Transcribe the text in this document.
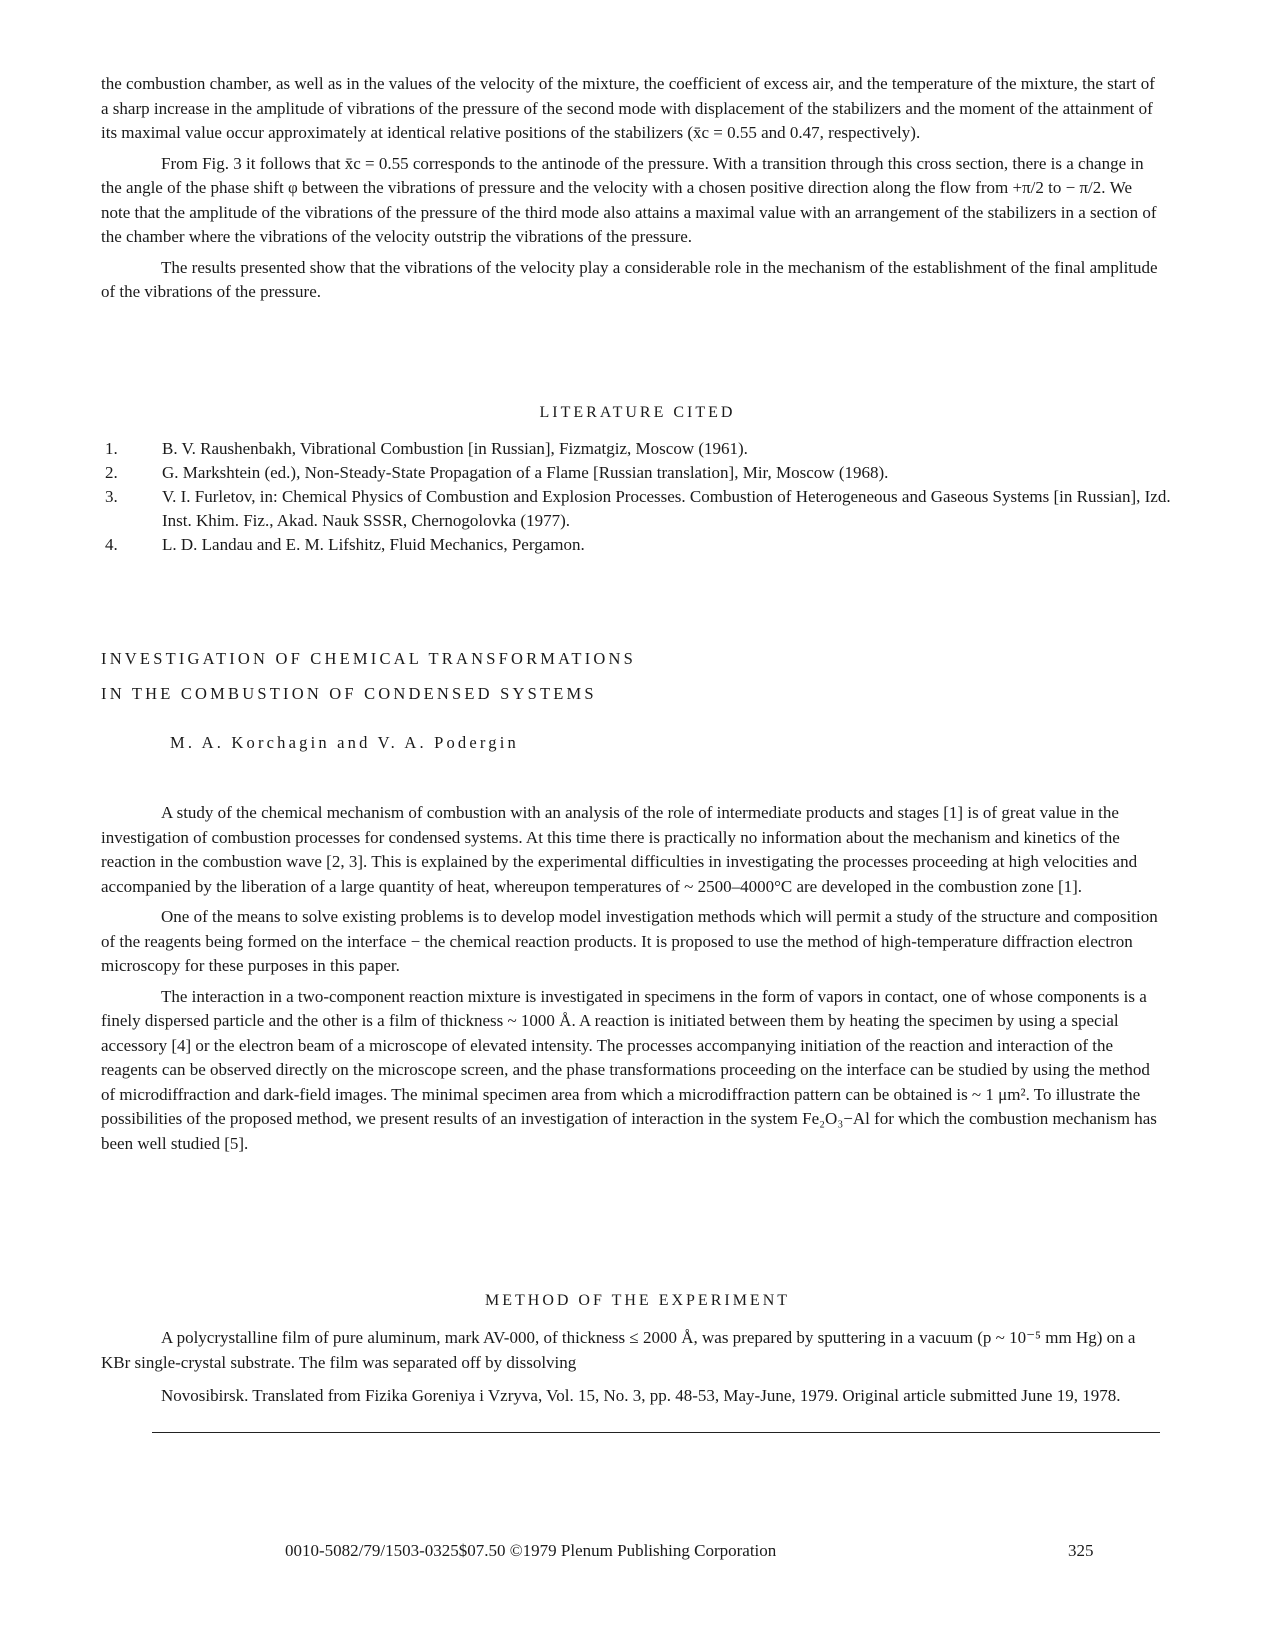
the combustion chamber, as well as in the values of the velocity of the mixture, the coefficient of excess air, and the temperature of the mixture, the start of a sharp increase in the amplitude of vibrations of the pressure of the second mode with displacement of the stabilizers and the moment of the attainment of its maximal value occur approximately at identical relative positions of the stabilizers (x̄c = 0.55 and 0.47, respectively).

From Fig. 3 it follows that x̄c = 0.55 corresponds to the antinode of the pressure. With a transition through this cross section, there is a change in the angle of the phase shift φ between the vibrations of pressure and the velocity with a chosen positive direction along the flow from +π/2 to − π/2. We note that the amplitude of the vibrations of the pressure of the third mode also attains a maximal value with an arrangement of the stabilizers in a section of the chamber where the vibrations of the velocity outstrip the vibrations of the pressure.

The results presented show that the vibrations of the velocity play a considerable role in the mechanism of the establishment of the final amplitude of the vibrations of the pressure.

LITERATURE CITED
1.	B. V. Raushenbakh, Vibrational Combustion [in Russian], Fizmatgiz, Moscow (1961).
2.	G. Markshtein (ed.), Non-Steady-State Propagation of a Flame [Russian translation], Mir, Moscow (1968).
3.	V. I. Furletov, in: Chemical Physics of Combustion and Explosion Processes. Combustion of Heterogeneous and Gaseous Systems [in Russian], Izd. Inst. Khim. Fiz., Akad. Nauk SSSR, Chernogolovka (1977).
4.	L. D. Landau and E. M. Lifshitz, Fluid Mechanics, Pergamon.
INVESTIGATION OF CHEMICAL TRANSFORMATIONS
IN THE COMBUSTION OF CONDENSED SYSTEMS
M. A. Korchagin and V. A. Podergin

A study of the chemical mechanism of combustion with an analysis of the role of intermediate products and stages [1] is of great value in the investigation of combustion processes for condensed systems. At this time there is practically no information about the mechanism and kinetics of the reaction in the combustion wave [2, 3]. This is explained by the experimental difficulties in investigating the processes proceeding at high velocities and accompanied by the liberation of a large quantity of heat, whereupon temperatures of ~ 2500–4000°C are developed in the combustion zone [1].

One of the means to solve existing problems is to develop model investigation methods which will permit a study of the structure and composition of the reagents being formed on the interface − the chemical reaction products. It is proposed to use the method of high-temperature diffraction electron microscopy for these purposes in this paper.

The interaction in a two-component reaction mixture is investigated in specimens in the form of vapors in contact, one of whose components is a finely dispersed particle and the other is a film of thickness ~ 1000 Å. A reaction is initiated between them by heating the specimen by using a special accessory [4] or the electron beam of a microscope of elevated intensity. The processes accompanying initiation of the reaction and interaction of the reagents can be observed directly on the microscope screen, and the phase transformations proceeding on the interface can be studied by using the method of microdiffraction and dark-field images. The minimal specimen area from which a microdiffraction pattern can be obtained is ~ 1 μm². To illustrate the possibilities of the proposed method, we present results of an investigation of interaction in the system Fe₂O₃−Al for which the combustion mechanism has been well studied [5].

METHOD OF THE EXPERIMENT

A polycrystalline film of pure aluminum, mark AV-000, of thickness ≤ 2000 Å, was prepared by sputtering in a vacuum (p ~ 10⁻⁵ mm Hg) on a KBr single-crystal substrate. The film was separated off by dissolving

Novosibirsk. Translated from Fizika Goreniya i Vzryva, Vol. 15, No. 3, pp. 48-53, May-June, 1979. Original article submitted June 19, 1978.

0010-5082/79/1503-0325$07.50 ©1979 Plenum Publishing Corporation	325
